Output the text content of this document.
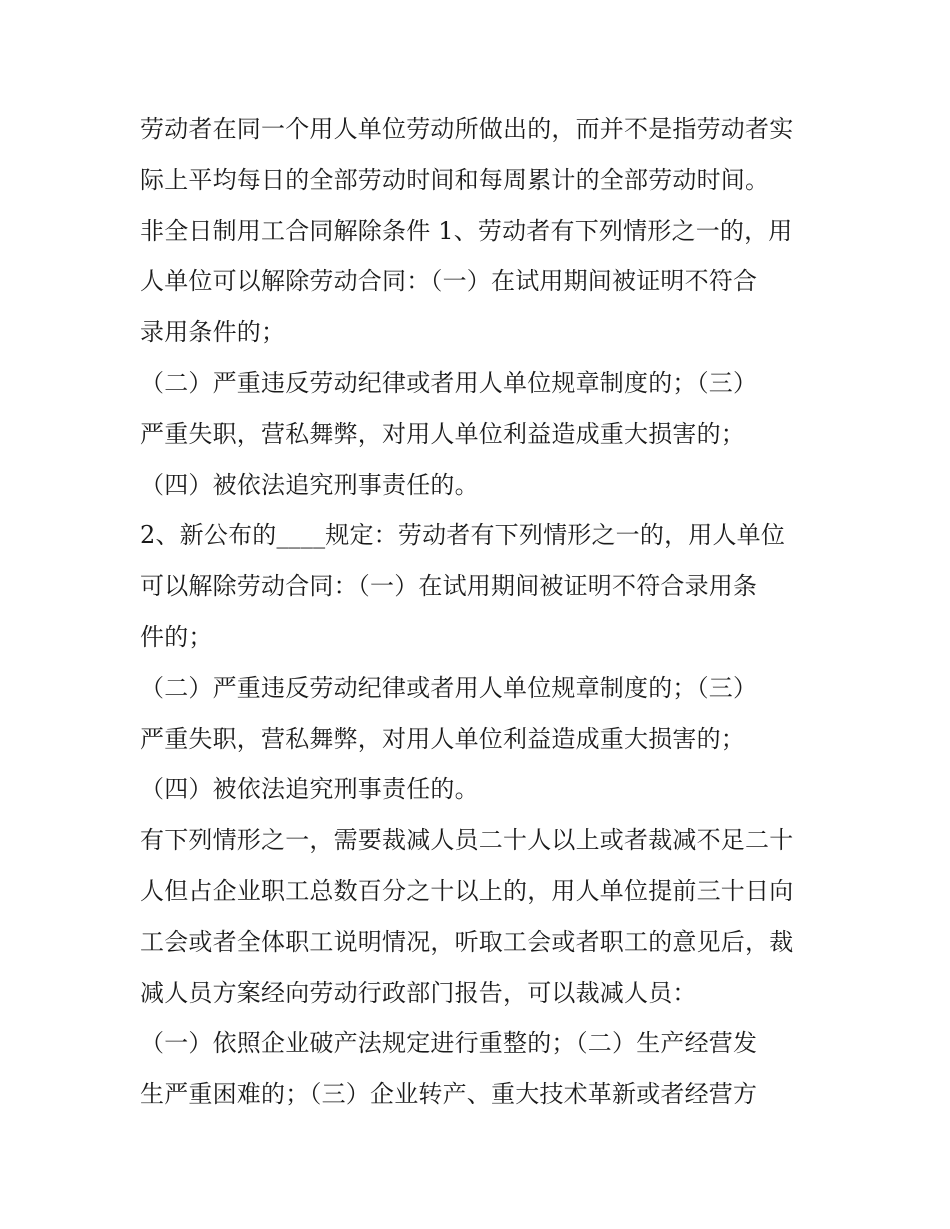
劳动者在同一个用人单位劳动所做出的，而并不是指劳动者实
际上平均每日的全部劳动时间和每周累计的全部劳动时间。
非全日制用工合同解除条件 1、劳动者有下列情形之一的，用
人单位可以解除劳动合同：（一）在试用期间被证明不符合
录用条件的；
（二）严重违反劳动纪律或者用人单位规章制度的；（三）
严重失职，营私舞弊，对用人单位利益造成重大损害的；
（四）被依法追究刑事责任的。
2、新公布的____规定：劳动者有下列情形之一的，用人单位
可以解除劳动合同：（一）在试用期间被证明不符合录用条
件的；
（二）严重违反劳动纪律或者用人单位规章制度的；（三）
严重失职，营私舞弊，对用人单位利益造成重大损害的；
（四）被依法追究刑事责任的。
有下列情形之一，需要裁减人员二十人以上或者裁减不足二十
人但占企业职工总数百分之十以上的，用人单位提前三十日向
工会或者全体职工说明情况，听取工会或者职工的意见后，裁
减人员方案经向劳动行政部门报告，可以裁减人员：
（一）依照企业破产法规定进行重整的；（二）生产经营发
生严重困难的；（三）企业转产、重大技术革新或者经营方
